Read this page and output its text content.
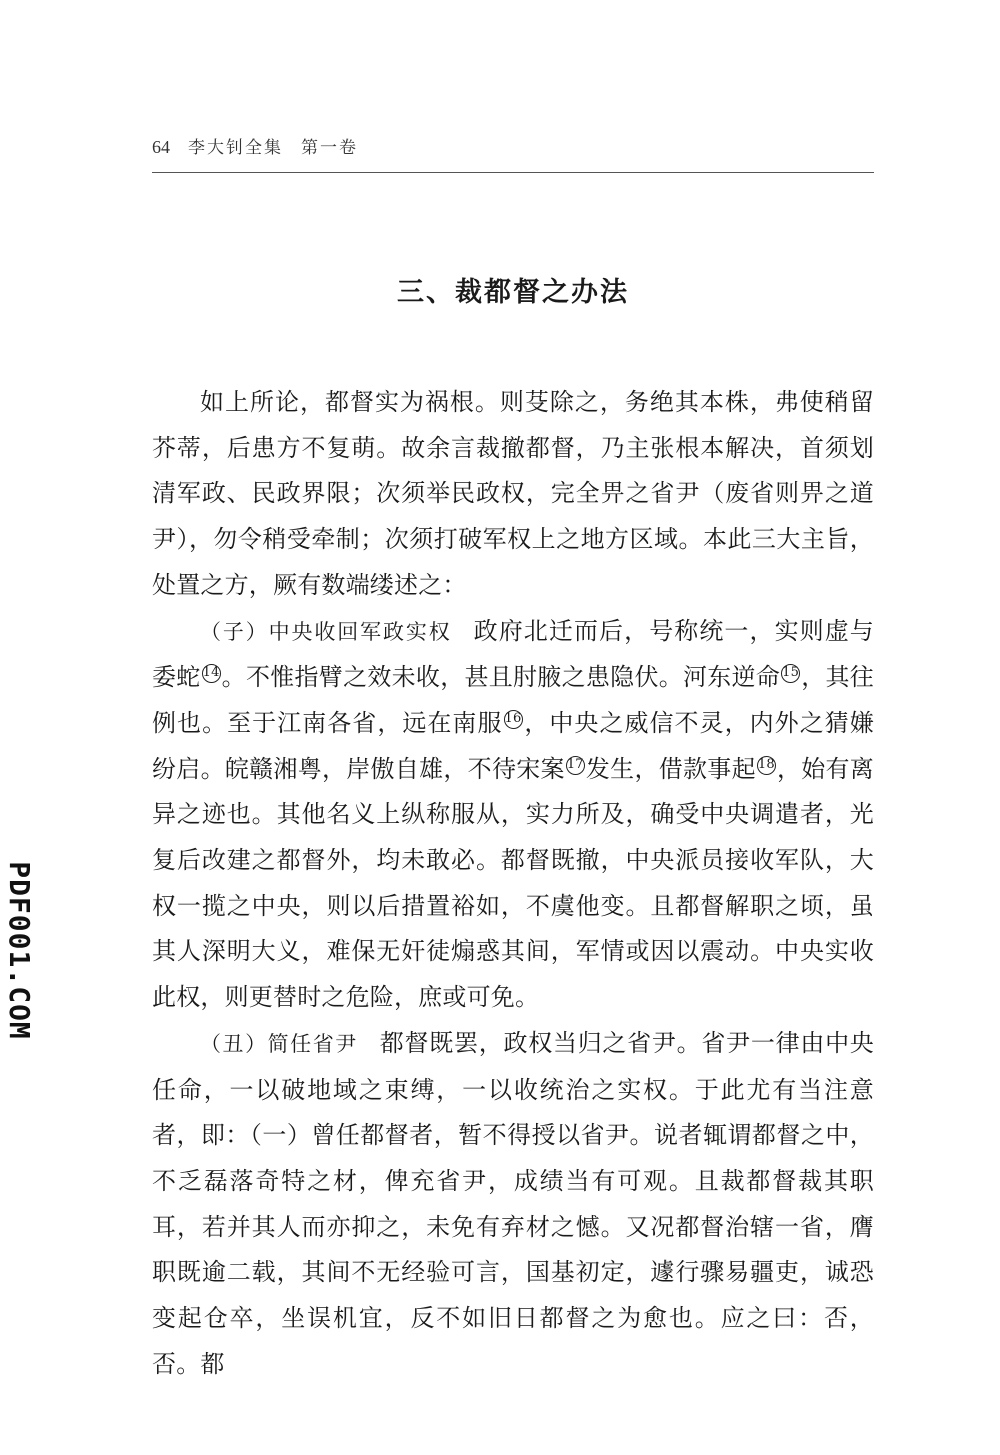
64 李大钊全集 第一卷
三、裁都督之办法

如上所论，都督实为祸根。则芟除之，务绝其本株，弗使稍留芥蒂，后患方不复萌。故余言裁撤都督，乃主张根本解决，首须划清军政、民政界限；次须举民政权，完全畀之省尹（废省则畀之道尹），勿令稍受牵制；次须打破军权上之地方区域。本此三大主旨，处置之方，厥有数端缕述之：

（子）中央收回军政实权 政府北迁而后，号称统一，实则虚与委蛇 $^{14}$。不惟指臂之效未收，甚且肘腋之患隐伏。河东逆命 $^{15}$，其往例也。至于江南各省，远在南服 $^{16}$，中央之威信不灵，内外之猜嫌纷启。皖赣湘粤，岸傲自雄，不待宋案 $^{17}$发生，借款事起 $^{18}$，始有离异之迹也。其他名义上纵称服从，实力所及，确受中央调遣者，光复后改建之都督外，均未敢必。都督既撤，中央派员接收军队，大权一揽之中央，则以后措置裕如，不虞他变。且都督解职之顷，虽其人深明大义，难保无奸徒煽惑其间，军情或因以震动。中央实收此权，则更替时之危险，庶或可免。

（丑）简任省尹 都督既罢，政权当归之省尹。省尹一律由中央任命，一以破地域之束缚，一以收统治之实权。于此尤有当注意者，即：（一）曾任都督者，暂不得授以省尹。说者辄谓都督之中，不乏磊落奇特之材，俾充省尹，成绩当有可观。且裁都督裁其职耳，若并其人而亦抑之，未免有弃材之憾。又况都督治辖一省，膺职既逾二载，其间不无经验可言，国基初定，遽行骤易疆吏，诚恐变起仓卒，坐误机宜，反不如旧日都督之为愈也。应之曰：否，否。都

PDF001.COM
